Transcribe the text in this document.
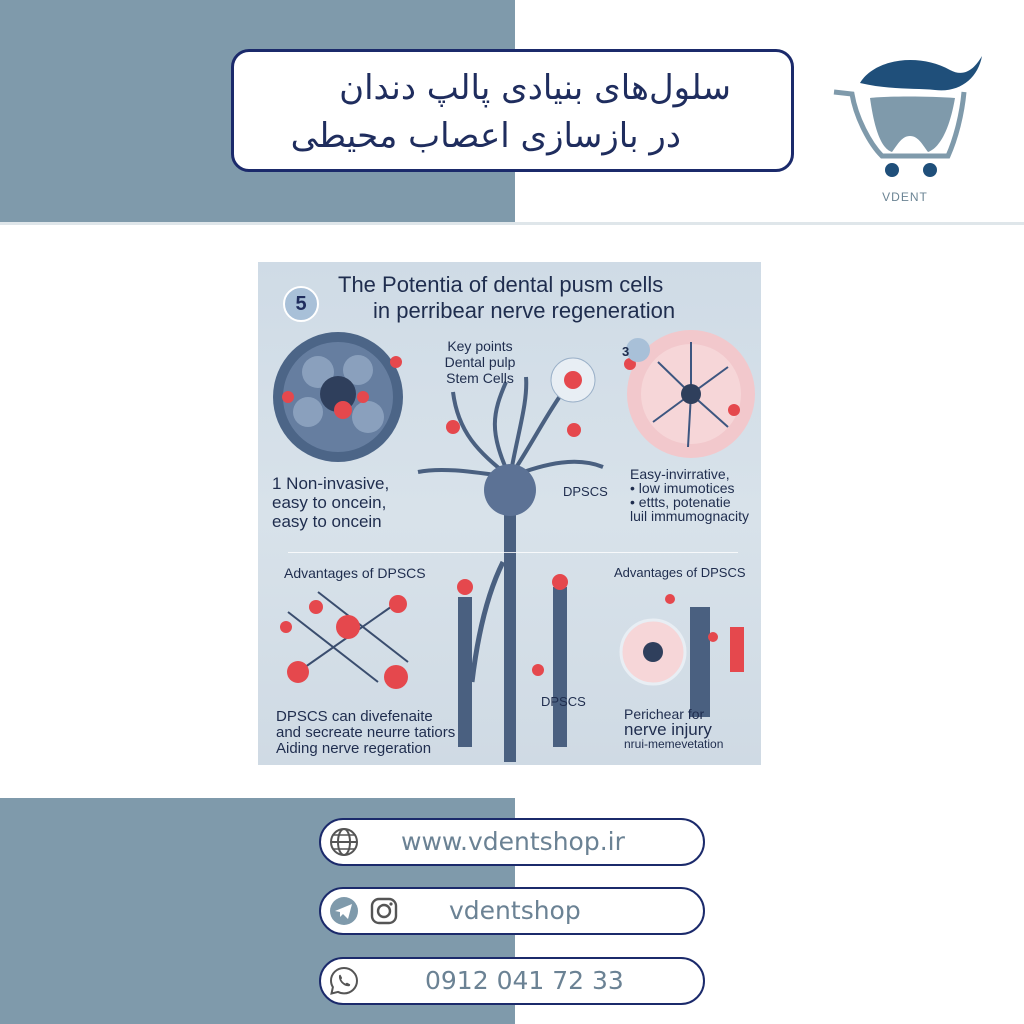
سلول‌های بنیادی پالپ دندان
در بازسازی اعصاب محیطی
VDENT
5
The Potentia of dental pusm cells
in perribear nerve regeneration
Key points
Dental pulp
Stem Cells
3
1 Non-invasive,
easy to oncein,
easy to oncein
DPSCS
Easy-invirrative,
• low imumotices
• ettts, potenatie
luil immumognacity
Advantages of DPSCS	Advantages of DPSCS
DPSCS can divefenaite
and secreate neurre tatiors
Aiding nerve regeration
DPSCS
Perichear for
nerve injury
nrui-memevetation
www.vdentshop.ir
vdentshop
0912 041 72 33
